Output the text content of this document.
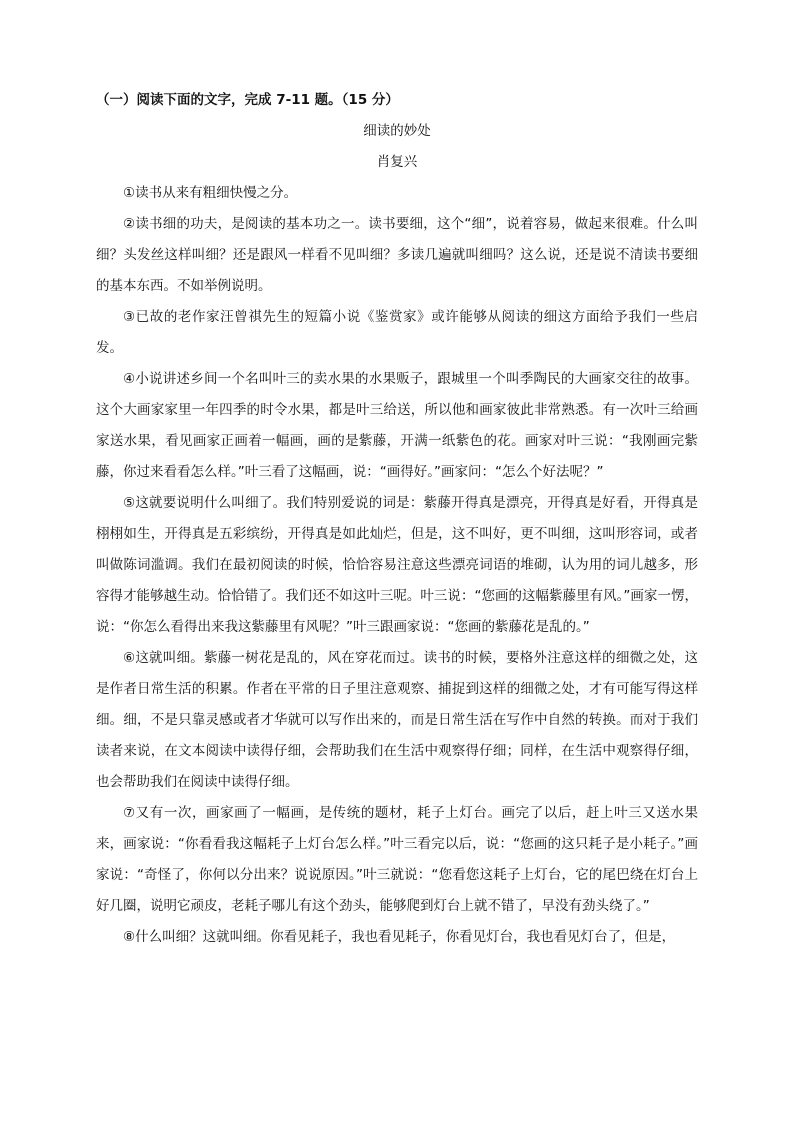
（一）阅读下面的文字，完成 7-11 题。（15 分）
细读的妙处
肖复兴

①读书从来有粗细快慢之分。

②读书细的功夫，是阅读的基本功之一。读书要细，这个“细”，说着容易，做起来很难。什么叫细？头发丝这样叫细？还是跟风一样看不见叫细？多读几遍就叫细吗？这么说，还是说不清读书要细的基本东西。不如举例说明。

③已故的老作家汪曾祺先生的短篇小说《鉴赏家》或许能够从阅读的细这方面给予我们一些启发。

④小说讲述乡间一个名叫叶三的卖水果的水果贩子，跟城里一个叫季陶民的大画家交往的故事。这个大画家家里一年四季的时令水果，都是叶三给送，所以他和画家彼此非常熟悉。有一次叶三给画家送水果，看见画家正画着一幅画，画的是紫藤，开满一纸紫色的花。画家对叶三说：“我刚画完紫藤，你过来看看怎么样。”叶三看了这幅画，说：“画得好。”画家问：“怎么个好法呢？”

⑤这就要说明什么叫细了。我们特别爱说的词是：紫藤开得真是漂亮，开得真是好看，开得真是栩栩如生，开得真是五彩缤纷，开得真是如此灿烂，但是，这不叫好，更不叫细，这叫形容词，或者叫做陈词滥调。我们在最初阅读的时候，恰恰容易注意这些漂亮词语的堆砌，认为用的词儿越多，形容得才能够越生动。恰恰错了。我们还不如这叶三呢。叶三说：“您画的这幅紫藤里有风。”画家一愣，说：“你怎么看得出来我这紫藤里有风呢？”叶三跟画家说：“您画的紫藤花是乱的。”

⑥这就叫细。紫藤一树花是乱的，风在穿花而过。读书的时候，要格外注意这样的细微之处，这是作者日常生活的积累。作者在平常的日子里注意观察、捕捉到这样的细微之处，才有可能写得这样细。细，不是只靠灵感或者才华就可以写作出来的，而是日常生活在写作中自然的转换。而对于我们读者来说，在文本阅读中读得仔细，会帮助我们在生活中观察得仔细；同样，在生活中观察得仔细，也会帮助我们在阅读中读得仔细。

⑦又有一次，画家画了一幅画，是传统的题材，耗子上灯台。画完了以后，赶上叶三又送水果来，画家说：“你看看我这幅耗子上灯台怎么样。”叶三看完以后，说：“您画的这只耗子是小耗子。”画家说：“奇怪了，你何以分出来？说说原因。”叶三就说：“您看您这耗子上灯台，它的尾巴绕在灯台上好几圈，说明它顽皮，老耗子哪儿有这个劲头，能够爬到灯台上就不错了，早没有劲头绕了。”

⑧什么叫细？这就叫细。你看见耗子，我也看见耗子，你看见灯台，我也看见灯台了，但是，
